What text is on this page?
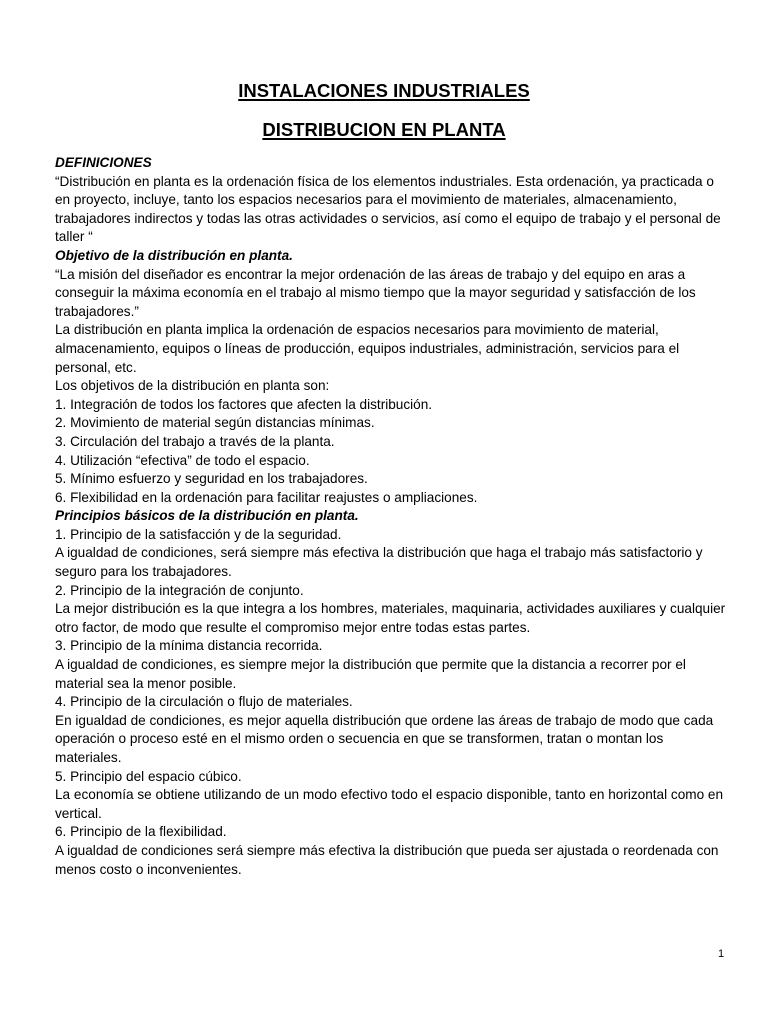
INSTALACIONES INDUSTRIALES
DISTRIBUCION EN PLANTA

DEFINICIONES

“Distribución en planta es la ordenación física de los elementos industriales. Esta ordenación, ya practicada o en proyecto, incluye, tanto los espacios necesarios para el movimiento de materiales, almacenamiento, trabajadores indirectos y todas las otras actividades o servicios, así como el equipo de trabajo y el personal de taller “

Objetivo de la distribución en planta.

“La misión del diseñador es encontrar la mejor ordenación de las áreas de trabajo y del equipo en aras a conseguir la máxima economía en el trabajo al mismo tiempo que la mayor seguridad y satisfacción de los trabajadores.”

La distribución en planta implica la ordenación de espacios necesarios para movimiento de material, almacenamiento, equipos o líneas de producción, equipos industriales, administración, servicios para el personal, etc.

Los objetivos de la distribución en planta son:

1. Integración de todos los factores que afecten la distribución.

2. Movimiento de material según distancias mínimas.

3. Circulación del trabajo a través de la planta.

4. Utilización “efectiva” de todo el espacio.

5. Mínimo esfuerzo y seguridad en los trabajadores.

6. Flexibilidad en la ordenación para facilitar reajustes o ampliaciones.

Principios básicos de la distribución en planta.

1. Principio de la satisfacción y de la seguridad.

A igualdad de condiciones, será siempre más efectiva la distribución que haga el trabajo más satisfactorio y seguro para los trabajadores.

2. Principio de la integración de conjunto.

La mejor distribución es la que integra a los hombres, materiales, maquinaria, actividades auxiliares y cualquier otro factor, de modo que resulte el compromiso mejor entre todas estas partes.

3. Principio de la mínima distancia recorrida.

A igualdad de condiciones, es siempre mejor la distribución que permite que la distancia a recorrer por el material sea la menor posible.

4. Principio de la circulación o flujo de materiales.

En igualdad de condiciones, es mejor aquella distribución que ordene las áreas de trabajo de modo que cada operación o proceso esté en el mismo orden o secuencia en que se transformen, tratan o montan los materiales.

5. Principio del espacio cúbico.

La economía se obtiene utilizando de un modo efectivo todo el espacio disponible, tanto en horizontal como en vertical.

6. Principio de la flexibilidad.

A igualdad de condiciones será siempre más efectiva la distribución que pueda ser ajustada o reordenada con menos costo o inconvenientes.

1
